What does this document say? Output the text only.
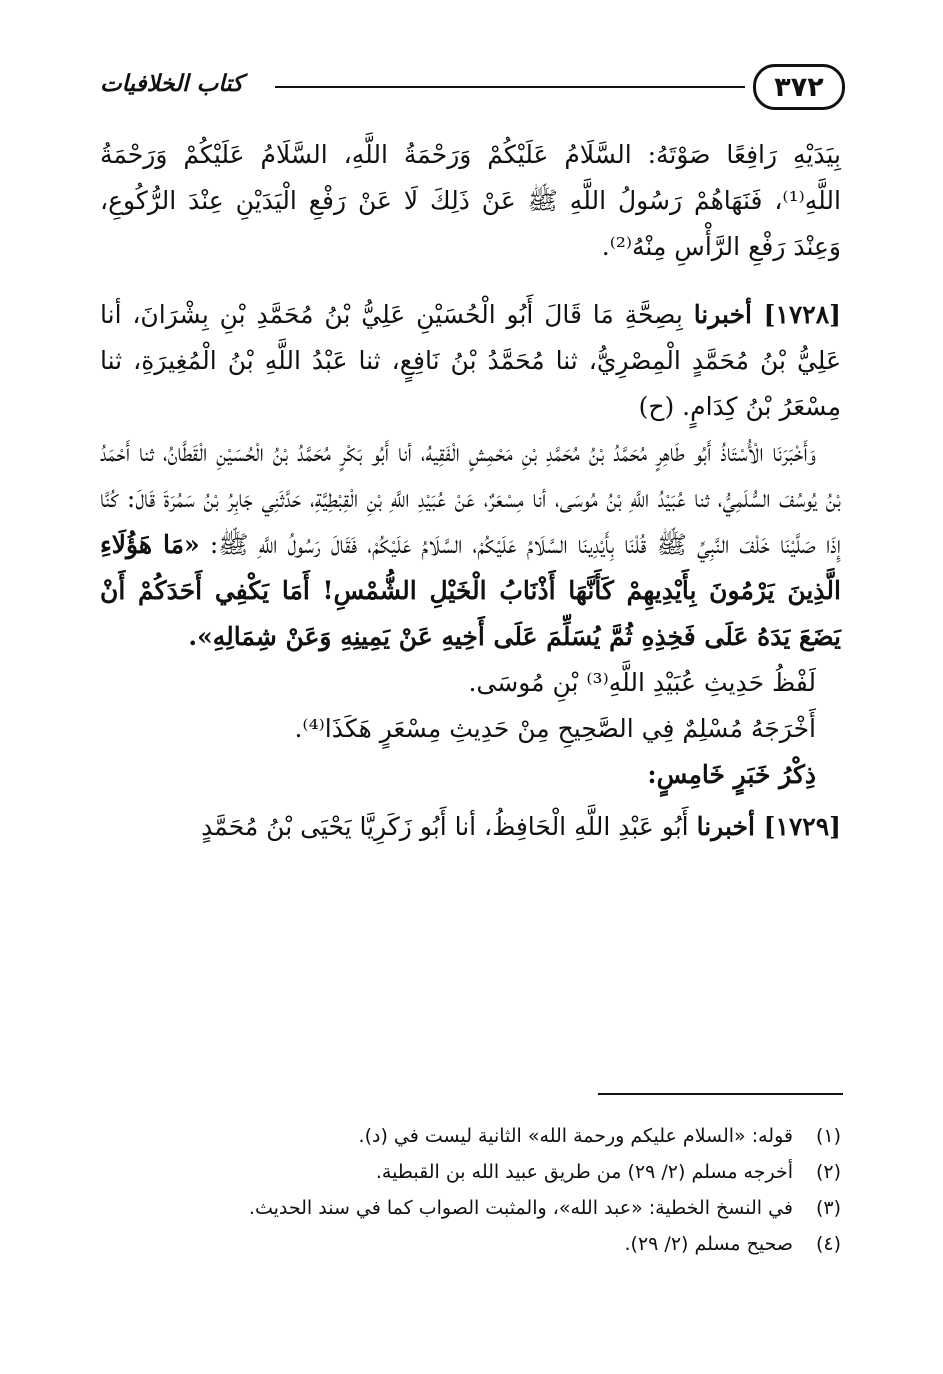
٣٧٢
كتاب الخلافيات

بِيَدَيْهِ رَافِعًا صَوْتَهُ: السَّلَامُ عَلَيْكُمْ وَرَحْمَةُ اللَّهِ، السَّلَامُ عَلَيْكُمْ وَرَحْمَةُ اللَّهِ⁽¹⁾، فَنَهَاهُمْ رَسُولُ اللَّهِ ﷺ عَنْ ذَلِكَ لَا عَنْ رَفْعِ الْيَدَيْنِ عِنْدَ الرُّكُوعِ، وَعِنْدَ رَفْعِ الرَّأْسِ مِنْهُ⁽²⁾.

[١٧٢٨] أخبرنا بِصِحَّةِ مَا قَالَ أَبُو الْحُسَيْنِ عَلِيُّ بْنُ مُحَمَّدِ بْنِ بِشْرَانَ، أنا عَلِيُّ بْنُ مُحَمَّدٍ الْمِصْرِيُّ، ثنا مُحَمَّدُ بْنُ نَافِعٍ، ثنا عَبْدُ اللَّهِ بْنُ الْمُغِيرَةِ، ثنا مِسْعَرُ بْنُ كِدَامٍ. (ح)

وَأَخْبَرَنَا الْأُسْتَاذُ أَبُو طَاهِرٍ مُحَمَّدُ بْنُ مُحَمَّدِ بْنِ مَحْمِشٍ الْفَقِيهُ، أنا أَبُو بَكْرٍ مُحَمَّدُ بْنُ الْحُسَيْنِ الْقَطَّانُ، ثنا أَحْمَدُ بْنُ يُوسُفَ السُّلَمِيُّ، ثنا عُبَيْدُ اللَّهِ بْنُ مُوسَى، أنا مِسْعَرٌ، عَنْ عُبَيْدِ اللَّهِ بْنِ الْقِبْطِيَّةِ، حَدَّثَنِي جَابِرُ بْنُ سَمُرَةَ قَالَ: كُنَّا إِذَا صَلَّيْنَا خَلْفَ النَّبِيِّ ﷺ قُلْنَا بِأَيْدِينَا السَّلَامُ عَلَيْكُمْ، السَّلَامُ عَلَيْكُمْ، فَقَالَ رَسُولُ اللَّهِ ﷺ: «مَا هَؤُلَاءِ الَّذِينَ يَرْمُونَ بِأَيْدِيهِمْ كَأَنَّهَا أَذْنَابُ الْخَيْلِ الشُّمْسِ! أَمَا يَكْفِي أَحَدَكُمْ أَنْ يَضَعَ يَدَهُ عَلَى فَخِذِهِ ثُمَّ يُسَلِّمَ عَلَى أَخِيهِ عَنْ يَمِينِهِ وَعَنْ شِمَالِهِ».

لَفْظُ حَدِيثِ عُبَيْدِ اللَّهِ⁽³⁾ بْنِ مُوسَى.

أَخْرَجَهُ مُسْلِمٌ فِي الصَّحِيحِ مِنْ حَدِيثِ مِسْعَرٍ هَكَذَا⁽⁴⁾.

ذِكْرُ خَبَرٍ خَامِسٍ:

[١٧٢٩] أخبرنا أَبُو عَبْدِ اللَّهِ الْحَافِظُ، أنا أَبُو زَكَرِيَّا يَحْيَى بْنُ مُحَمَّدٍ

(١)
قوله: «السلام عليكم ورحمة الله» الثانية ليست في (د).
(٢)
أخرجه مسلم (٢/ ٢٩) من طريق عبيد الله بن القبطية.
(٣)
في النسخ الخطية: «عبد الله»، والمثبت الصواب كما في سند الحديث.
(٤)
صحيح مسلم (٢/ ٢٩).
